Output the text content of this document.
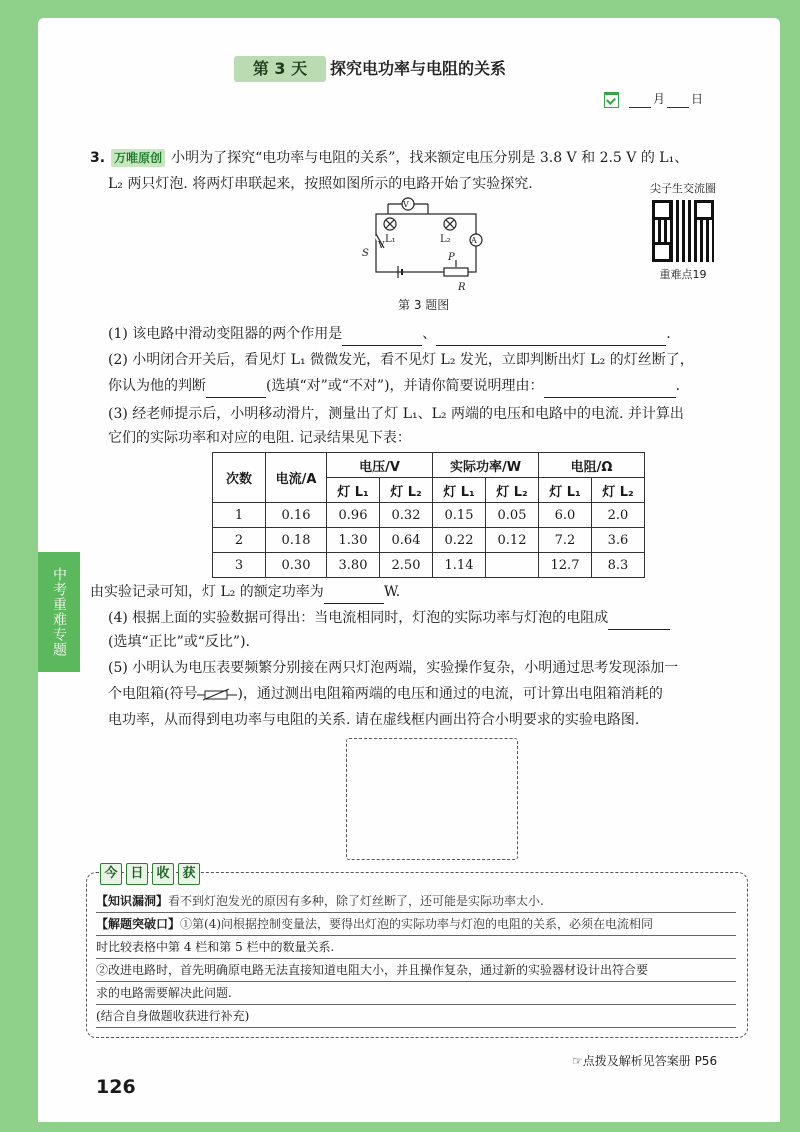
第 3 天	探究电功率与电阻的关系
月 日
3. 万唯原创 小明为了探究“电功率与电阻的关系”，找来额定电压分别是 3.8 V 和 2.5 V 的 L₁、
L₂ 两只灯泡. 将两灯串联起来，按照如图所示的电路开始了实验探究.
V
V
A
L₁	L₂
S	P
R
第 3 题图
尖子生交流圈
重难点19
(1) 该电路中滑动变阻器的两个作用是	、	.
(2) 小明闭合开关后，看见灯 L₁ 微微发光，看不见灯 L₂ 发光，立即判断出灯 L₂ 的灯丝断了，
你认为他的判断	(选填“对”或“不对”)，并请你简要说明理由：	.
(3) 经老师提示后，小明移动滑片，测量出了灯 L₁、L₂ 两端的电压和电路中的电流. 并计算出
它们的实际功率和对应的电阻. 记录结果见下表：
次数	电流/A	电压/V		实际功率/W		电阻/Ω	
		灯 L₁	灯 L₂	灯 L₁	灯 L₂	灯 L₁	灯 L₂
1	0.16	0.96	0.32	0.15	0.05	6.0	2.0
2	0.18	1.30	0.64	0.22	0.12	7.2	3.6
3	0.30	3.80	2.50	1.14		12.7	8.3
由实验记录可知，灯 L₂ 的额定功率为	W.
(4) 根据上面的实验数据可得出：当电流相同时，灯泡的实际功率与灯泡的电阻成
(选填“正比”或“反比”).
(5) 小明认为电压表要频繁分别接在两只灯泡两端，实验操作复杂，小明通过思考发现添加一
个电阻箱(符号	)，通过测出电阻箱两端的电压和通过的电流，可计算出电阻箱消耗的
电功率，从而得到电功率与电阻的关系. 请在虚线框内画出符合小明要求的实验电路图.
中考重难专题
今 日 收 获
【知识漏洞】看不到灯泡发光的原因有多种，除了灯丝断了，还可能是实际功率太小.
【解题突破口】①第(4)问根据控制变量法，要得出灯泡的实际功率与灯泡的电阻的关系，必须在电流相同
时比较表格中第 4 栏和第 5 栏中的数量关系.
②改进电路时，首先明确原电路无法直接知道电阻大小，并且操作复杂，通过新的实验器材设计出符合要
求的电路需要解决此问题.
(结合自身做题收获进行补充)
☞点拨及解析见答案册 P56
126
